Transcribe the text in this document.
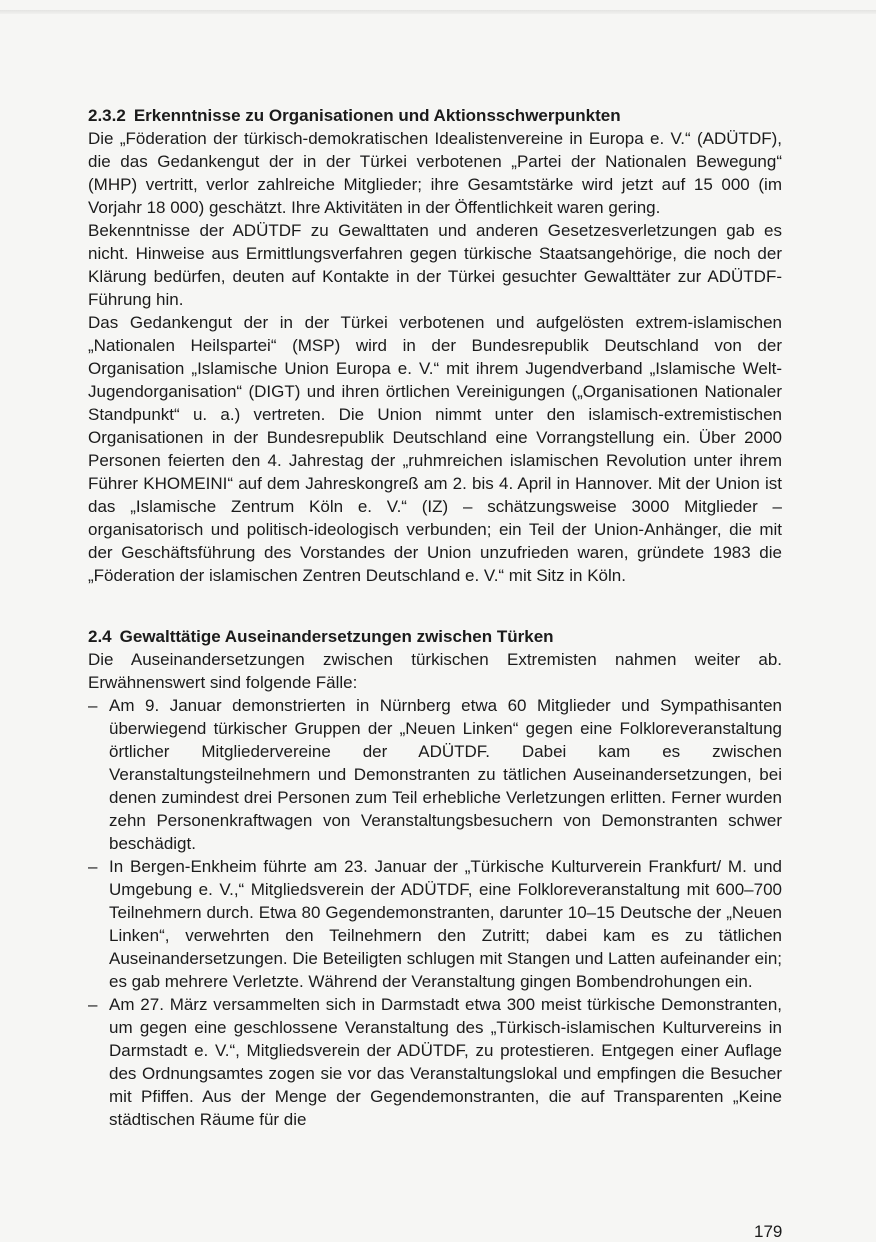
2.3.2 Erkenntnisse zu Organisationen und Aktionsschwerpunkten

Die „Föderation der türkisch-demokratischen Idealistenvereine in Europa e. V.“ (ADÜTDF), die das Gedankengut der in der Türkei verbotenen „Partei der Nationalen Bewegung“ (MHP) vertritt, verlor zahlreiche Mitglieder; ihre Gesamtstärke wird jetzt auf 15 000 (im Vorjahr 18 000) geschätzt. Ihre Aktivitäten in der Öffentlichkeit waren gering.

Bekenntnisse der ADÜTDF zu Gewalttaten und anderen Gesetzesverletzungen gab es nicht. Hinweise aus Ermittlungsverfahren gegen türkische Staatsangehörige, die noch der Klärung bedürfen, deuten auf Kontakte in der Türkei gesuchter Gewalttäter zur ADÜTDF-Führung hin.

Das Gedankengut der in der Türkei verbotenen und aufgelösten extrem-islamischen „Nationalen Heilspartei“ (MSP) wird in der Bundesrepublik Deutschland von der Organisation „Islamische Union Europa e. V.“ mit ihrem Jugendverband „Islamische Welt-Jugendorganisation“ (DIGT) und ihren örtlichen Vereinigungen („Organisationen Nationaler Standpunkt“ u. a.) vertreten. Die Union nimmt unter den islamisch-extremistischen Organisationen in der Bundesrepublik Deutschland eine Vorrangstellung ein. Über 2000 Personen feierten den 4. Jahrestag der „ruhmreichen islamischen Revolution unter ihrem Führer KHOMEINI“ auf dem Jahreskongreß am 2. bis 4. April in Hannover. Mit der Union ist das „Islamische Zentrum Köln e. V.“ (IZ) – schätzungsweise 3000 Mitglieder – organisatorisch und politisch-ideologisch verbunden; ein Teil der Union-Anhänger, die mit der Geschäftsführung des Vorstandes der Union unzufrieden waren, gründete 1983 die „Föderation der islamischen Zentren Deutschland e. V.“ mit Sitz in Köln.

2.4 Gewalttätige Auseinandersetzungen zwischen Türken

Die Auseinandersetzungen zwischen türkischen Extremisten nahmen weiter ab. Erwähnenswert sind folgende Fälle:

– Am 9. Januar demonstrierten in Nürnberg etwa 60 Mitglieder und Sympathisanten überwiegend türkischer Gruppen der „Neuen Linken“ gegen eine Folkloreveranstaltung örtlicher Mitgliedervereine der ADÜTDF. Dabei kam es zwischen Veranstaltungsteilnehmern und Demonstranten zu tätlichen Auseinandersetzungen, bei denen zumindest drei Personen zum Teil erhebliche Verletzungen erlitten. Ferner wurden zehn Personenkraftwagen von Veranstaltungsbesuchern von Demonstranten schwer beschädigt.
– In Bergen-Enkheim führte am 23. Januar der „Türkische Kulturverein Frankfurt/ M. und Umgebung e. V.,“ Mitgliedsverein der ADÜTDF, eine Folkloreveranstaltung mit 600–700 Teilnehmern durch. Etwa 80 Gegendemonstranten, darunter 10–15 Deutsche der „Neuen Linken“, verwehrten den Teilnehmern den Zutritt; dabei kam es zu tätlichen Auseinandersetzungen. Die Beteiligten schlugen mit Stangen und Latten aufeinander ein; es gab mehrere Verletzte. Während der Veranstaltung gingen Bombendrohungen ein.
– Am 27. März versammelten sich in Darmstadt etwa 300 meist türkische Demonstranten, um gegen eine geschlossene Veranstaltung des „Türkisch-islamischen Kulturvereins in Darmstadt e. V.“, Mitgliedsverein der ADÜTDF, zu protestieren. Entgegen einer Auflage des Ordnungsamtes zogen sie vor das Veranstaltungslokal und empfingen die Besucher mit Pfiffen. Aus der Menge der Gegendemonstranten, die auf Transparenten „Keine städtischen Räume für die
179
